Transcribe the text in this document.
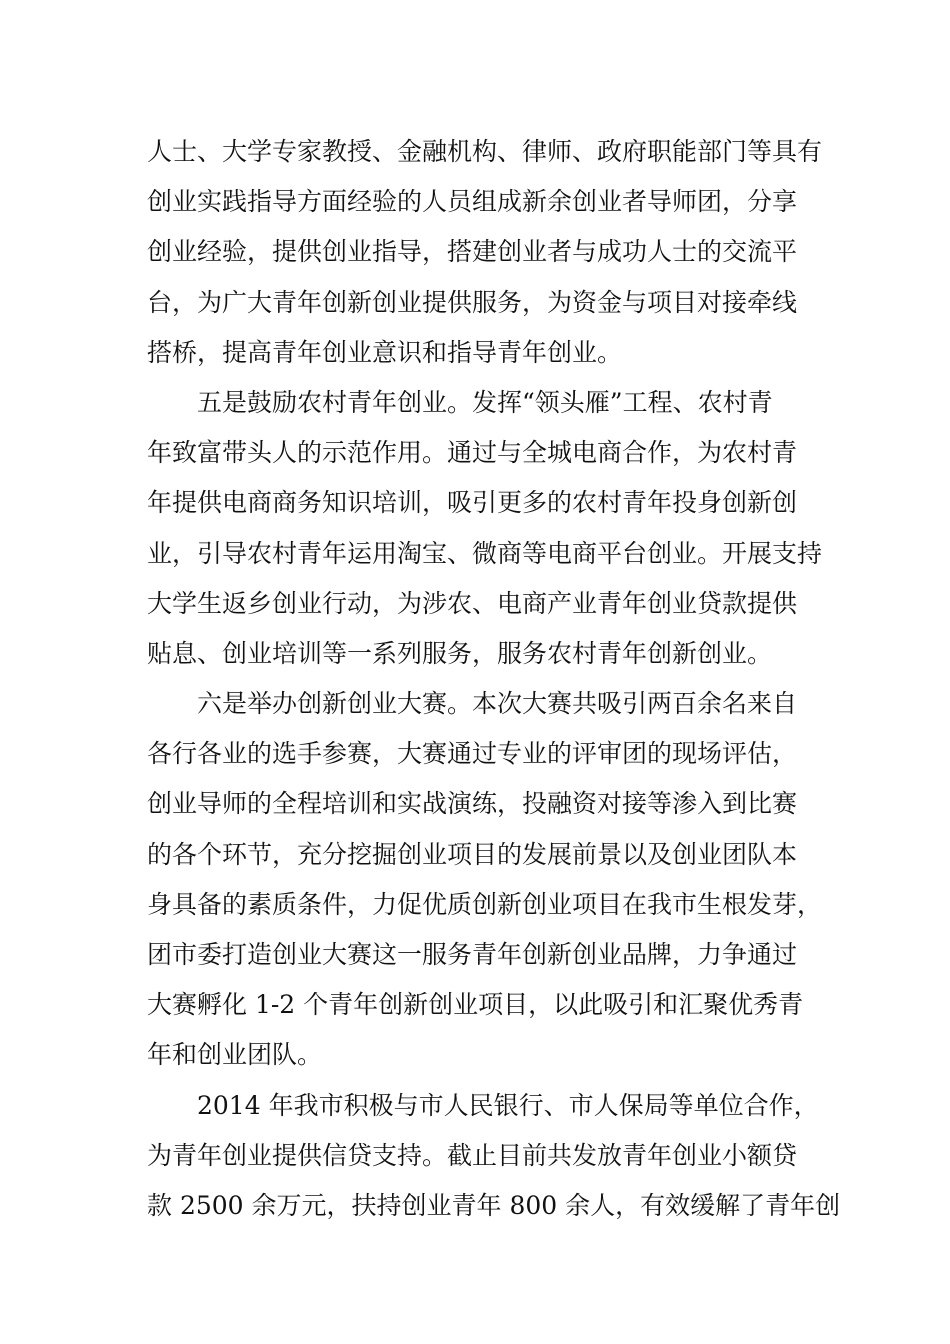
人士、大学专家教授、金融机构、律师、政府职能部门等具有
创业实践指导方面经验的人员组成新余创业者导师团，分享
创业经验，提供创业指导，搭建创业者与成功人士的交流平
台，为广大青年创新创业提供服务，为资金与项目对接牵线
搭桥，提高青年创业意识和指导青年创业。
五是鼓励农村青年创业。发挥“领头雁”工程、农村青
年致富带头人的示范作用。通过与全城电商合作，为农村青
年提供电商商务知识培训，吸引更多的农村青年投身创新创
业，引导农村青年运用淘宝、微商等电商平台创业。开展支持
大学生返乡创业行动，为涉农、电商产业青年创业贷款提供
贴息、创业培训等一系列服务，服务农村青年创新创业。
六是举办创新创业大赛。本次大赛共吸引两百余名来自
各行各业的选手参赛，大赛通过专业的评审团的现场评估，
创业导师的全程培训和实战演练，投融资对接等渗入到比赛
的各个环节，充分挖掘创业项目的发展前景以及创业团队本
身具备的素质条件，力促优质创新创业项目在我市生根发芽，
团市委打造创业大赛这一服务青年创新创业品牌，力争通过
大赛孵化 1-2 个青年创新创业项目，以此吸引和汇聚优秀青
年和创业团队。
2014 年我市积极与市人民银行、市人保局等单位合作，
为青年创业提供信贷支持。截止目前共发放青年创业小额贷
款 2500 余万元，扶持创业青年 800 余人，有效缓解了青年创
